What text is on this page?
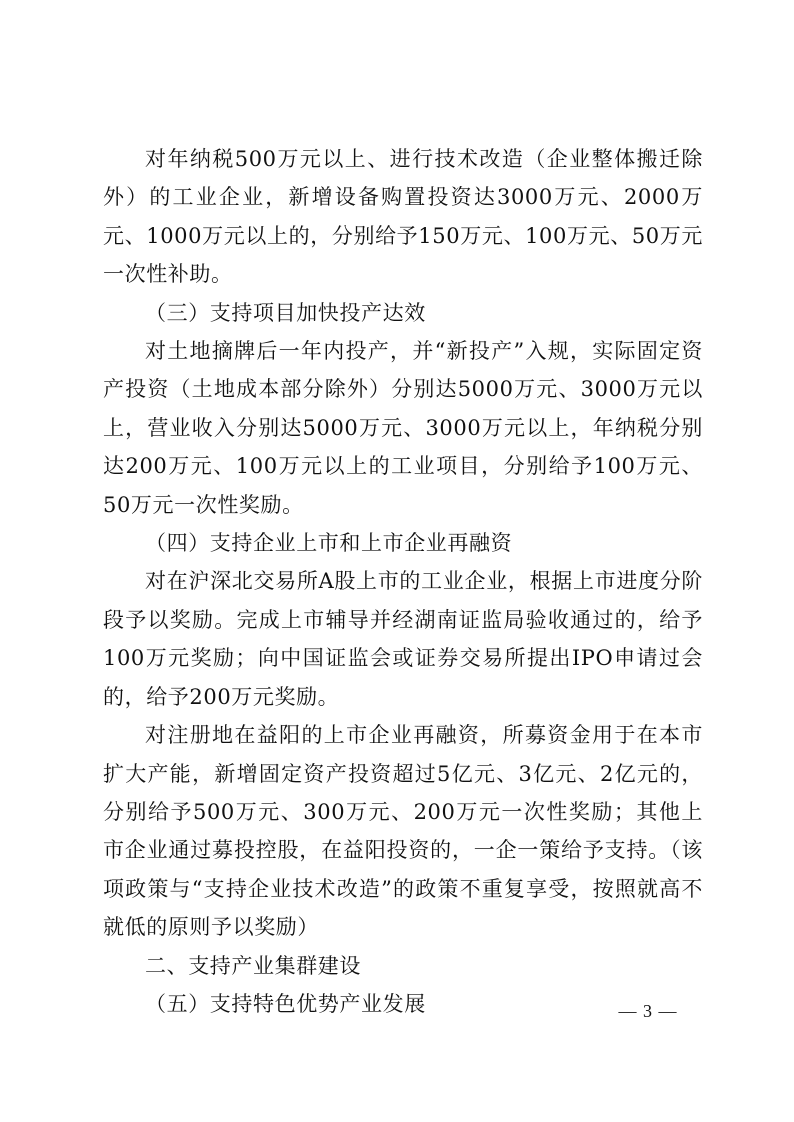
对年纳税500万元以上、进行技术改造（企业整体搬迁除外）的工业企业，新增设备购置投资达3000万元、2000万元、1000万元以上的，分别给予150万元、100万元、50万元一次性补助。

（三）支持项目加快投产达效

对土地摘牌后一年内投产，并“新投产”入规，实际固定资产投资（土地成本部分除外）分别达5000万元、3000万元以上，营业收入分别达5000万元、3000万元以上，年纳税分别达200万元、100万元以上的工业项目，分别给予100万元、50万元一次性奖励。

（四）支持企业上市和上市企业再融资

对在沪深北交易所A股上市的工业企业，根据上市进度分阶段予以奖励。完成上市辅导并经湖南证监局验收通过的，给予100万元奖励；向中国证监会或证券交易所提出IPO申请过会的，给予200万元奖励。

对注册地在益阳的上市企业再融资，所募资金用于在本市扩大产能，新增固定资产投资超过5亿元、3亿元、2亿元的，分别给予500万元、300万元、200万元一次性奖励；其他上市企业通过募投控股，在益阳投资的，一企一策给予支持。（该项政策与“支持企业技术改造”的政策不重复享受，按照就高不就低的原则予以奖励）

二、支持产业集群建设

（五）支持特色优势产业发展	— 3 —
